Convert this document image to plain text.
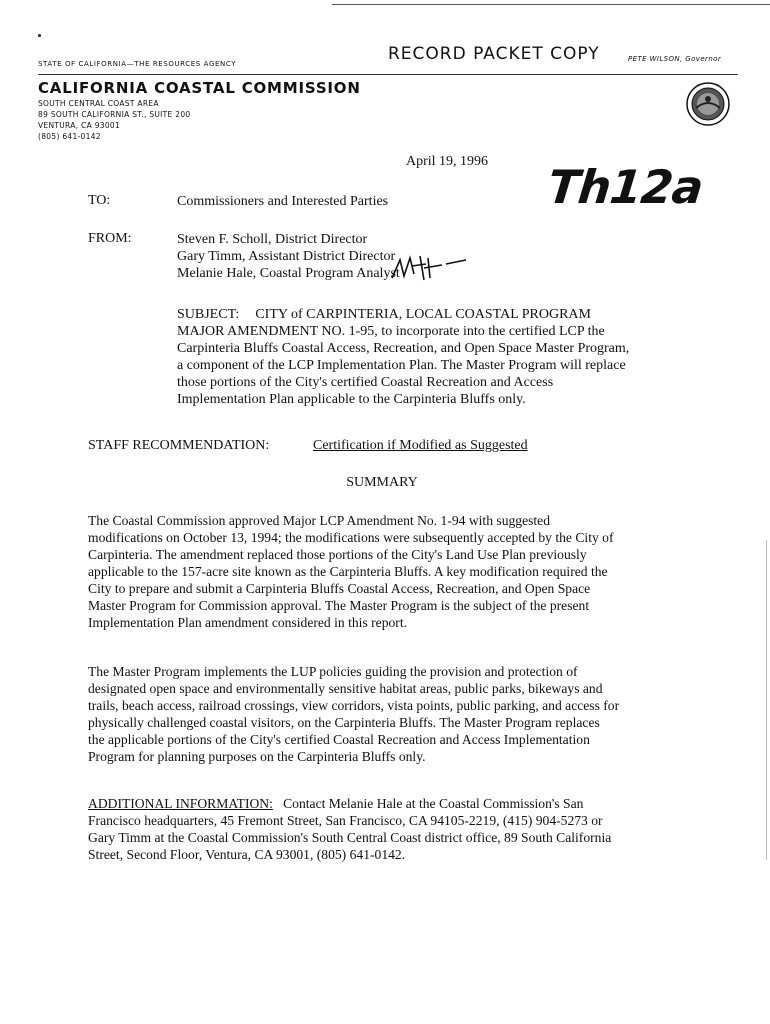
STATE OF CALIFORNIA—THE RESOURCES AGENCY	RECORD PACKET COPY	PETE WILSON, Governor
CALIFORNIA COASTAL COMMISSION
SOUTH CENTRAL COAST AREA
89 SOUTH CALIFORNIA ST., SUITE 200
VENTURA, CA 93001
(805) 641-0142
April 19, 1996 Th12a
TO:	Commissioners and Interested Parties
FROM:	Steven F. Scholl, District Director
Gary Timm, Assistant District Director
Melanie Hale, Coastal Program Analyst
SUBJECT: CITY of CARPINTERIA, LOCAL COASTAL PROGRAM
MAJOR AMENDMENT NO. 1-95, to incorporate into the certified LCP the
Carpinteria Bluffs Coastal Access, Recreation, and Open Space Master Program,
a component of the LCP Implementation Plan. The Master Program will replace
those portions of the City's certified Coastal Recreation and Access
Implementation Plan applicable to the Carpinteria Bluffs only.
STAFF RECOMMENDATION:	Certification if Modified as Suggested
SUMMARY
The Coastal Commission approved Major LCP Amendment No. 1-94 with suggested
modifications on October 13, 1994; the modifications were subsequently accepted by the City of
Carpinteria. The amendment replaced those portions of the City's Land Use Plan previously
applicable to the 157-acre site known as the Carpinteria Bluffs. A key modification required the
City to prepare and submit a Carpinteria Bluffs Coastal Access, Recreation, and Open Space
Master Program for Commission approval. The Master Program is the subject of the present
Implementation Plan amendment considered in this report.
The Master Program implements the LUP policies guiding the provision and protection of
designated open space and environmentally sensitive habitat areas, public parks, bikeways and
trails, beach access, railroad crossings, view corridors, vista points, public parking, and access for
physically challenged coastal visitors, on the Carpinteria Bluffs. The Master Program replaces
the applicable portions of the City's certified Coastal Recreation and Access Implementation
Program for planning purposes on the Carpinteria Bluffs only.
ADDITIONAL INFORMATION: Contact Melanie Hale at the Coastal Commission's San
Francisco headquarters, 45 Fremont Street, San Francisco, CA 94105-2219, (415) 904-5273 or
Gary Timm at the Coastal Commission's South Central Coast district office, 89 South California
Street, Second Floor, Ventura, CA 93001, (805) 641-0142.
